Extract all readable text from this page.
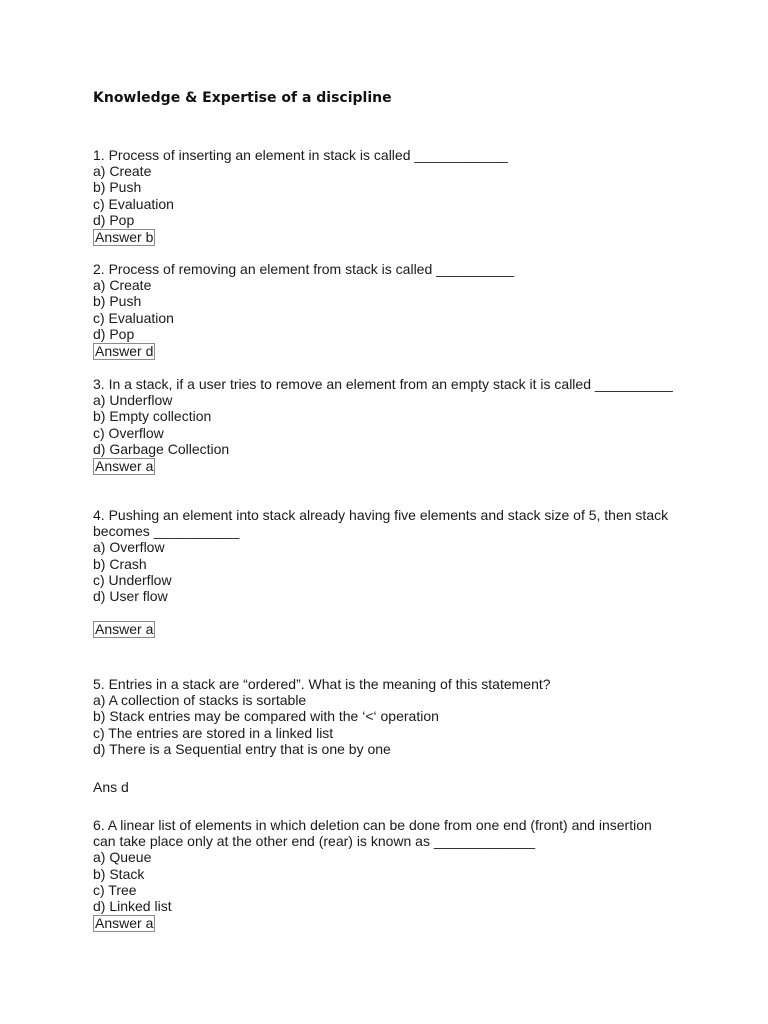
Knowledge & Expertise of a discipline
1. Process of inserting an element in stack is called ____________
a) Create
b) Push
c) Evaluation
d) Pop
Answer b
2. Process of removing an element from stack is called __________
a) Create
b) Push
c) Evaluation
d) Pop
Answer d
3. In a stack, if a user tries to remove an element from an empty stack it is called __________
a) Underflow
b) Empty collection
c) Overflow
d) Garbage Collection
Answer a
4. Pushing an element into stack already having five elements and stack size of 5, then stack becomes ___________
a) Overflow
b) Crash
c) Underflow
d) User flow
Answer a
5. Entries in a stack are “ordered”. What is the meaning of this statement?
a) A collection of stacks is sortable
b) Stack entries may be compared with the ‘<‘ operation
c) The entries are stored in a linked list
d) There is a Sequential entry that is one by one
Ans d
6. A linear list of elements in which deletion can be done from one end (front) and insertion can take place only at the other end (rear) is known as _____________
a) Queue
b) Stack
c) Tree
d) Linked list
Answer a
